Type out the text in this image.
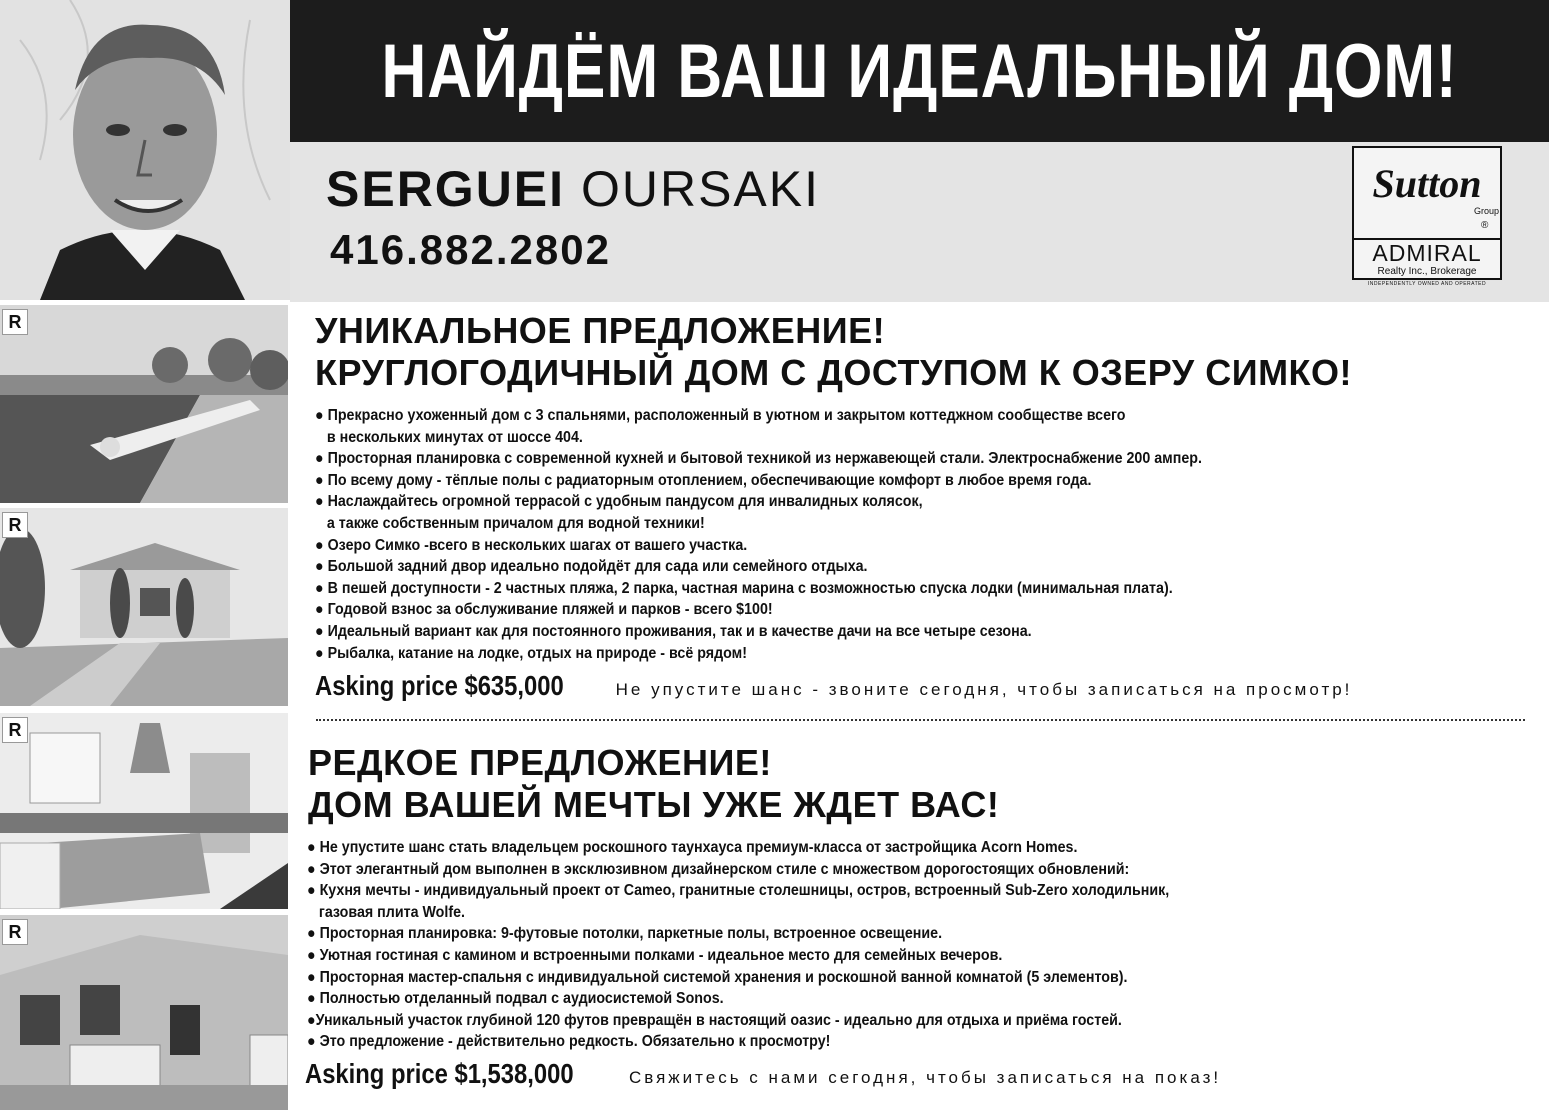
НАЙДЁМ ВАШ ИДЕАЛЬНЫЙ ДОМ!
SERGUEI OURSAKI
416.882.2802
Sutton
Group
®
ADMIRAL
Realty Inc., Brokerage
INDEPENDENTLY OWNED AND OPERATED
R
R
R
R
УНИКАЛЬНОЕ ПРЕДЛОЖЕНИЕ!
КРУГЛОГОДИЧНЫЙ ДОМ С ДОСТУПОМ К ОЗЕРУ СИМКО!
● Прекрасно ухоженный дом с 3 спальнями, расположенный в уютном и закрытом коттеджном сообществе всего
в нескольких минутах от шоссе 404.
● Просторная планировка с современной кухней и бытовой техникой из нержавеющей стали. Электроснабжение 200 ампер.
● По всему дому - тёплые полы с радиаторным отоплением, обеспечивающие комфорт в любое время года.
● Наслаждайтесь огромной террасой с удобным пандусом для инвалидных колясок,
а также собственным причалом для водной техники!
● Озеро Симко -всего в нескольких шагах от вашего участка.
● Большой задний двор идеально подойдёт для сада или семейного отдыха.
● В пешей доступности - 2 частных пляжа, 2 парка, частная марина с возможностью спуска лодки (минимальная плата).
● Годовой взнос за обслуживание пляжей и парков - всего $100!
● Идеальный вариант как для постоянного проживания, так и в качестве дачи на все четыре сезона.
● Рыбалка, катание на лодке, отдых на природе - всё рядом!
Asking price $635,000	Не упустите шанс - звоните сегодня, чтобы записаться на просмотр!
РЕДКОЕ ПРЕДЛОЖЕНИЕ!
ДОМ ВАШЕЙ МЕЧТЫ УЖЕ ЖДЕТ ВАС!
● Не упустите шанс стать владельцем роскошного таунхауса премиум-класса от застройщика Acorn Homes.
● Этот элегантный дом выполнен в эксклюзивном дизайнерском стиле с множеством дорогостоящих обновлений:
● Кухня мечты - индивидуальный проект от Cameo, гранитные столешницы, остров, встроенный Sub-Zero холодильник,
газовая плита Wolfe.
● Просторная планировка: 9-футовые потолки, паркетные полы, встроенное освещение.
● Уютная гостиная с камином и встроенными полками - идеальное место для семейных вечеров.
● Просторная мастер-спальня с индивидуальной системой хранения и роскошной ванной комнатой (5 элементов).
● Полностью отделанный подвал с аудиосистемой Sonos.
●Уникальный участок глубиной 120 футов превращён в настоящий оазис - идеально для отдыха и приёма гостей.
● Это предложение - действительно редкость. Обязательно к просмотру!
Asking price $1,538,000	Свяжитесь с нами сегодня, чтобы записаться на показ!
